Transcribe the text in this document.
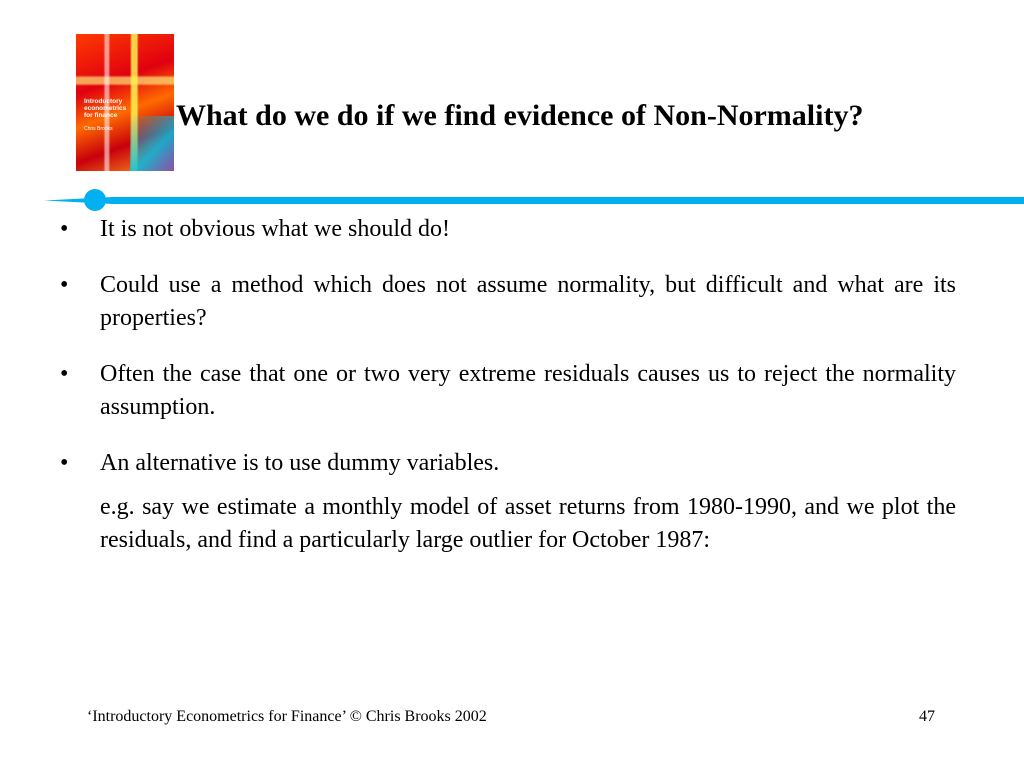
Introductory
econometrics
for finance
Chris Brooks What do we do if we find evidence of Non-Normality?
• It is not obvious what we should do!
• Could use a method which does not assume normality, but difficult and what are its properties?
• Often the case that one or two very extreme residuals causes us to reject the normality assumption.
• An alternative is to use dummy variables.
e.g. say we estimate a monthly model of asset returns from 1980-1990, and we plot the residuals, and find a particularly large outlier for October 1987:
‘Introductory Econometrics for Finance’ © Chris Brooks 2002	47
